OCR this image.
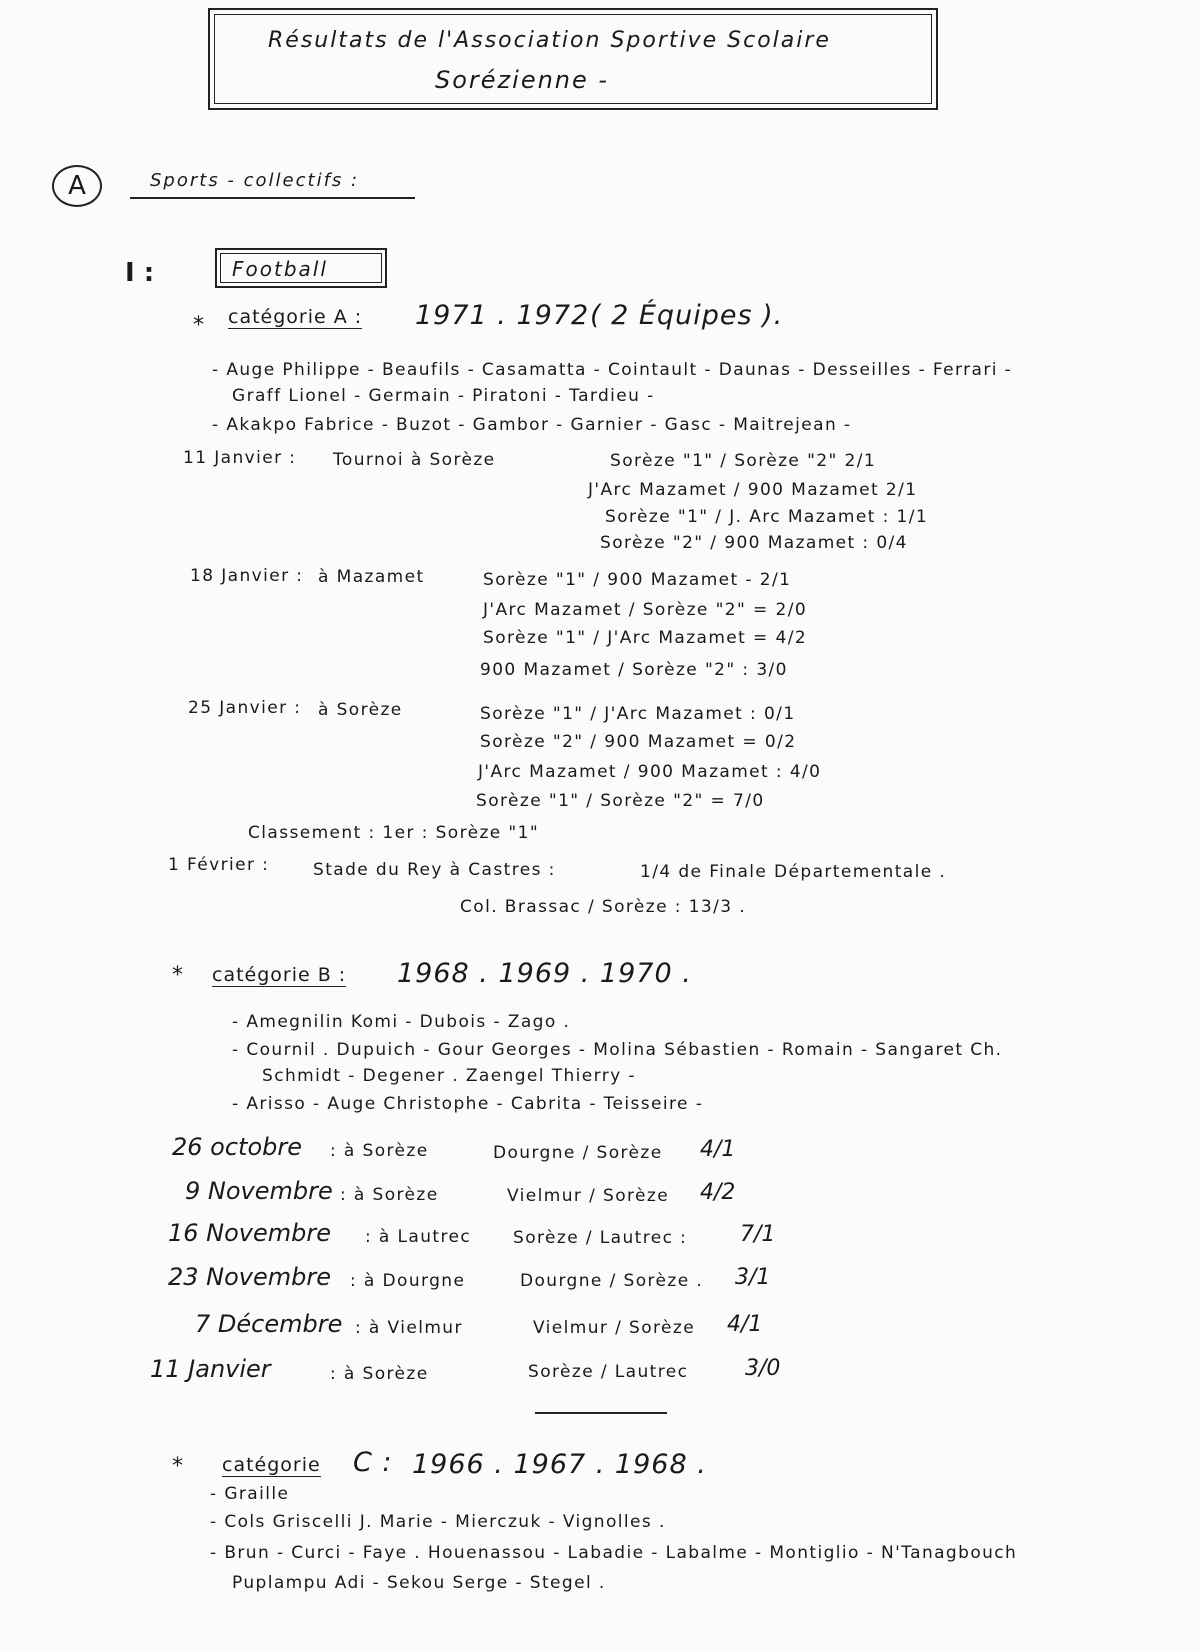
Résultats de l'Association Sportive Scolaire
Sorézienne -
A	Sports - collectifs :
I :	Football
* catégorie A : 1971 . 1972 ( 2 Équipes ).
- Auge Philippe - Beaufils - Casamatta - Cointault - Daunas - Desseilles - Ferrari -
Graff Lionel - Germain - Piratoni - Tardieu -
- Akakpo Fabrice - Buzot - Gambor - Garnier - Gasc - Maitrejean -
11 Janvier : Tournoi à Sorèze	Sorèze "1" / Sorèze "2" 2/1
J'Arc Mazamet / 900 Mazamet 2/1
Sorèze "1" / J. Arc Mazamet : 1/1
Sorèze "2" / 900 Mazamet : 0/4
18 Janvier : à Mazamet	Sorèze "1" / 900 Mazamet - 2/1
J'Arc Mazamet / Sorèze "2" = 2/0
Sorèze "1" / J'Arc Mazamet = 4/2
900 Mazamet / Sorèze "2" : 3/0
25 Janvier : à Sorèze	Sorèze "1" / J'Arc Mazamet : 0/1
Sorèze "2" / 900 Mazamet = 0/2
J'Arc Mazamet / 900 Mazamet : 4/0
Sorèze "1" / Sorèze "2" = 7/0
Classement : 1er : Sorèze "1"
1 Février :	Stade du Rey à Castres :	1/4 de Finale Départementale .
Col. Brassac / Sorèze : 13/3 .
* catégorie B : 1968 . 1969 . 1970 .
- Amegnilin Komi - Dubois - Zago .
- Cournil . Dupuich - Gour Georges - Molina Sébastien - Romain - Sangaret Ch.
Schmidt - Degener . Zaengel Thierry -
- Arisso - Auge Christophe - Cabrita - Teisseire -
26 octobre : à Sorèze	Dourgne / Sorèze 4/1
9 Novembre : à Sorèze	Vielmur / Sorèze 4/2
16 Novembre : à Lautrec Sorèze / Lautrec : 7/1
23 Novembre : à Dourgne	Dourgne / Sorèze . 3/1
7 Décembre : à Vielmur	Vielmur / Sorèze 4/1
11 Janvier	: à Sorèze	Sorèze / Lautrec	3/0
* catégorie C : 1966 . 1967 . 1968 .
- Graille
- Cols Griscelli J. Marie - Mierczuk - Vignolles .
- Brun - Curci - Faye . Houenassou - Labadie - Labalme - Montiglio - N'Tanagbouch
Puplampu Adi - Sekou Serge - Stegel .
